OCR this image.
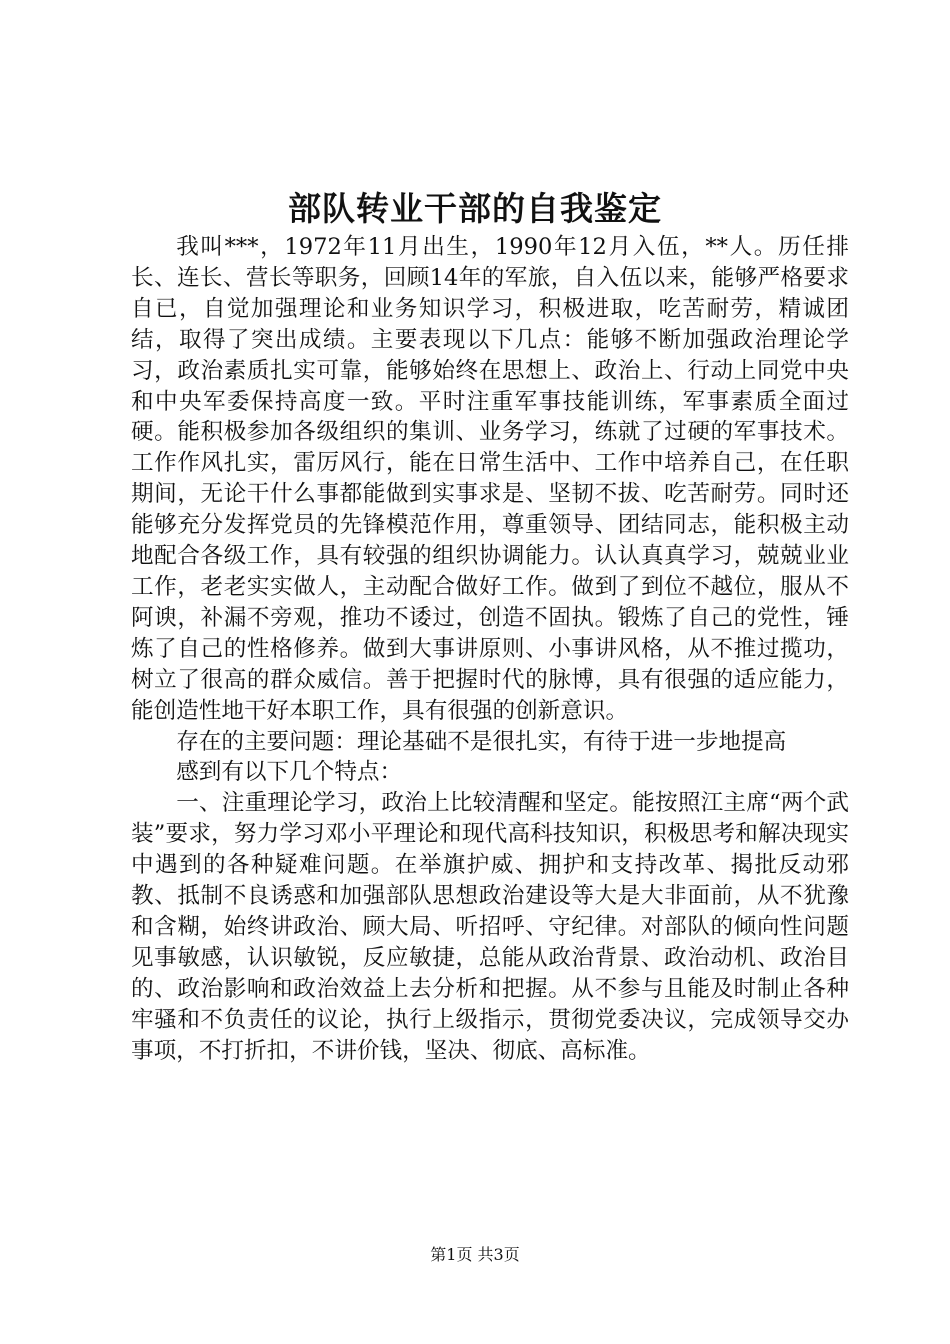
部队转业干部的自我鉴定

我叫***，1972年11月出生，1990年12月入伍，**人。历任排长、连长、营长等职务，回顾14年的军旅，自入伍以来，能够严格要求自已，自觉加强理论和业务知识学习，积极进取，吃苦耐劳，精诚团结，取得了突出成绩。主要表现以下几点：能够不断加强政治理论学习，政治素质扎实可靠，能够始终在思想上、政治上、行动上同党中央和中央军委保持高度一致。平时注重军事技能训练，军事素质全面过硬。能积极参加各级组织的集训、业务学习，练就了过硬的军事技术。工作作风扎实，雷厉风行，能在日常生活中、工作中培养自己，在任职期间，无论干什么事都能做到实事求是、坚韧不拔、吃苦耐劳。同时还能够充分发挥党员的先锋模范作用，尊重领导、团结同志，能积极主动地配合各级工作，具有较强的组织协调能力。认认真真学习，兢兢业业工作，老老实实做人，主动配合做好工作。做到了到位不越位，服从不阿谀，补漏不旁观，推功不诿过，创造不固执。锻炼了自己的党性，锤炼了自己的性格修养。做到大事讲原则、小事讲风格，从不推过揽功，树立了很高的群众威信。善于把握时代的脉博，具有很强的适应能力，能创造性地干好本职工作，具有很强的创新意识。

存在的主要问题：理论基础不是很扎实，有待于进一步地提高

感到有以下几个特点：

一、注重理论学习，政治上比较清醒和坚定。能按照江主席“两个武装”要求，努力学习邓小平理论和现代高科技知识，积极思考和解决现实中遇到的各种疑难问题。在举旗护威、拥护和支持改革、揭批反动邪教、抵制不良诱惑和加强部队思想政治建设等大是大非面前，从不犹豫和含糊，始终讲政治、顾大局、听招呼、守纪律。对部队的倾向性问题见事敏感，认识敏锐，反应敏捷，总能从政治背景、政治动机、政治目的、政治影响和政治效益上去分析和把握。从不参与且能及时制止各种牢骚和不负责任的议论，执行上级指示，贯彻党委决议，完成领导交办事项，不打折扣，不讲价钱，坚决、彻底、高标准。

第1页 共3页
